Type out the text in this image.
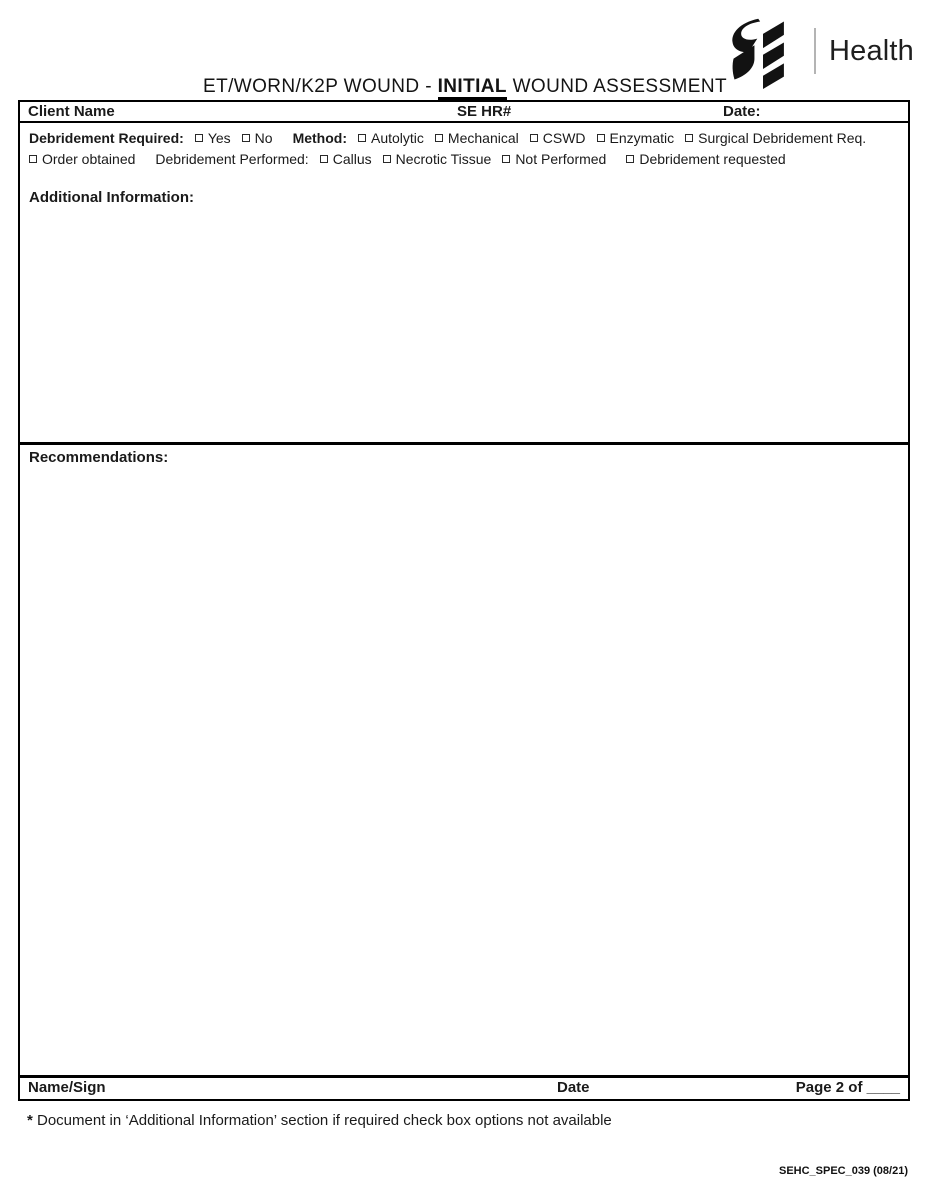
Health
ET/WORN/K2P WOUND - INITIAL WOUND ASSESSMENT
Client Name	SE HR#	Date:
Debridement Required: Yes No Method: Autolytic Mechanical CSWD Enzymatic Surgical Debridement Req.
Order obtained Debridement Performed: Callus Necrotic Tissue Not Performed Debridement requested
Additional Information:
Recommendations:
Name/Sign	Date	Page 2 of ____
* Document in ‘Additional Information’ section if required check box options not available
SEHC_SPEC_039 (08/21)
